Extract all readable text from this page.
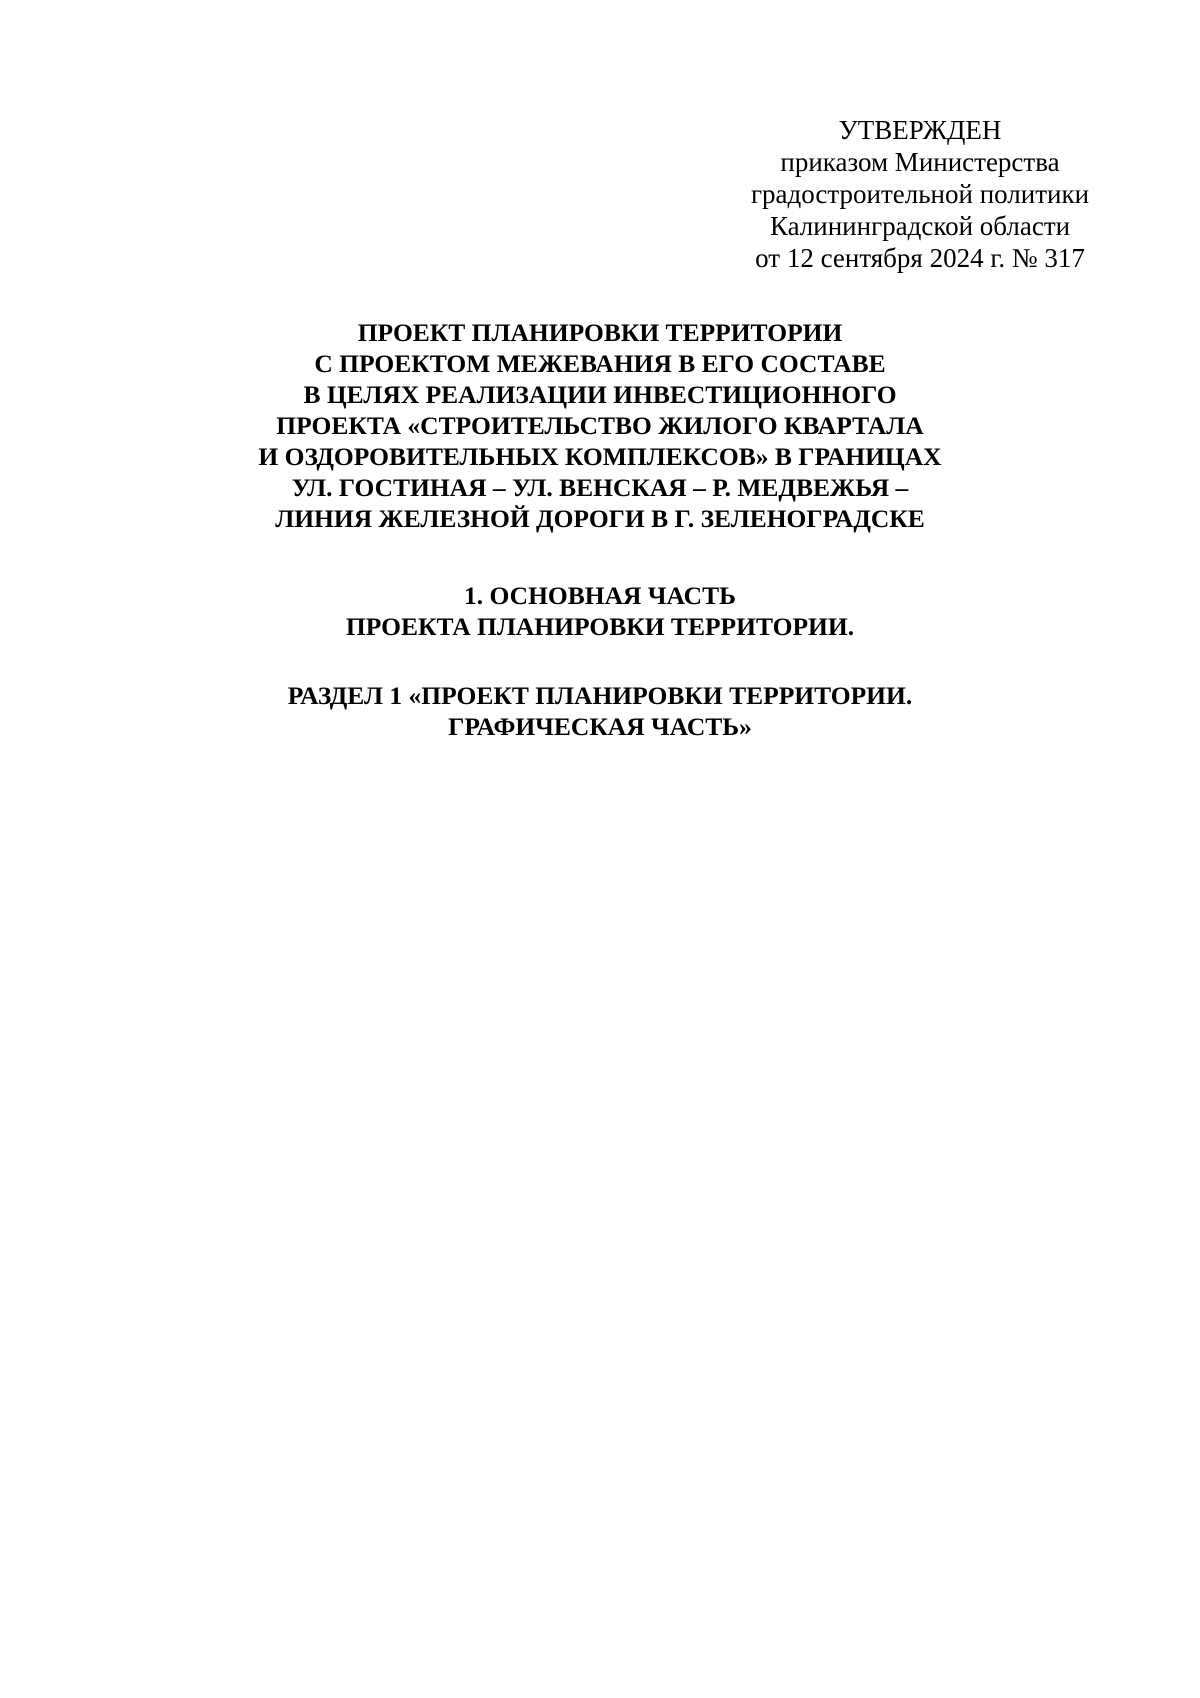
УТВЕРЖДЕН
приказом Министерства
градостроительной политики
Калининградской области
от 12 сентября 2024 г. № 317
ПРОЕКТ ПЛАНИРОВКИ ТЕРРИТОРИИ
С ПРОЕКТОМ МЕЖЕВАНИЯ В ЕГО СОСТАВЕ
В ЦЕЛЯХ РЕАЛИЗАЦИИ ИНВЕСТИЦИОННОГО
ПРОЕКТА «СТРОИТЕЛЬСТВО ЖИЛОГО КВАРТАЛА
И ОЗДОРОВИТЕЛЬНЫХ КОМПЛЕКСОВ» В ГРАНИЦАХ
УЛ. ГОСТИНАЯ – УЛ. ВЕНСКАЯ – Р. МЕДВЕЖЬЯ –
ЛИНИЯ ЖЕЛЕЗНОЙ ДОРОГИ В Г. ЗЕЛЕНОГРАДСКЕ
1. ОСНОВНАЯ ЧАСТЬ
ПРОЕКТА ПЛАНИРОВКИ ТЕРРИТОРИИ.
РАЗДЕЛ 1 «ПРОЕКТ ПЛАНИРОВКИ ТЕРРИТОРИИ.
ГРАФИЧЕСКАЯ ЧАСТЬ»
